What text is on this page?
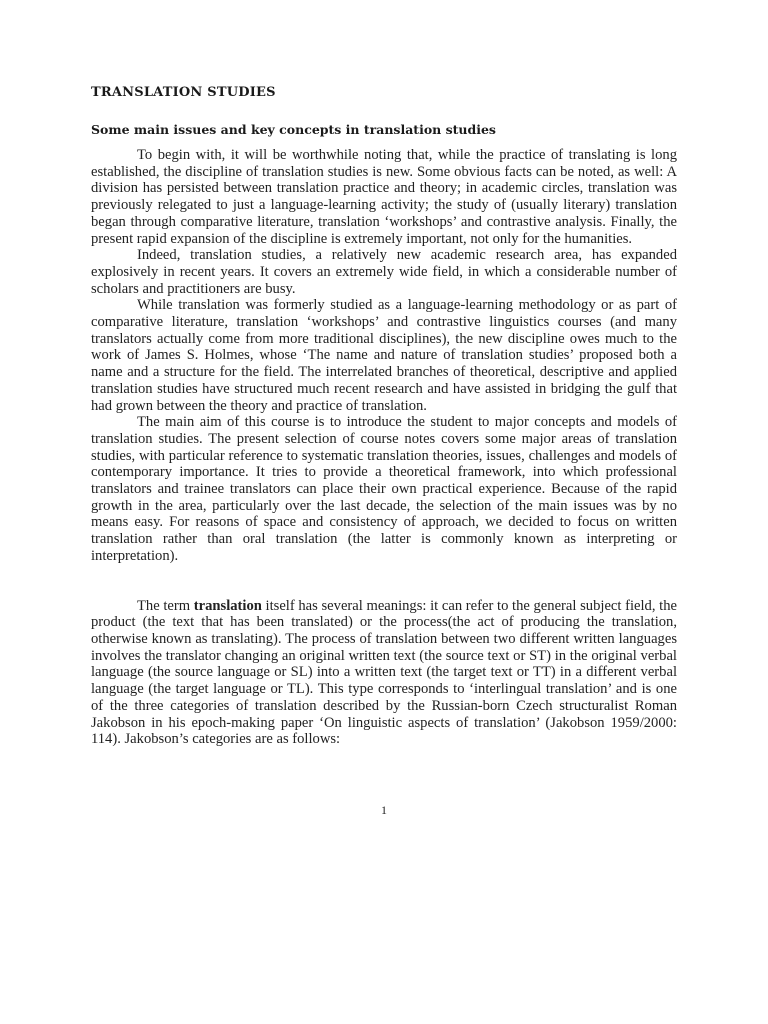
TRANSLATION STUDIES
Some main issues and key concepts in translation studies

To begin with, it will be worthwhile noting that, while the practice of translating is long established, the discipline of translation studies is new. Some obvious facts can be noted, as well: A division has persisted between translation practice and theory; in academic circles, translation was previously relegated to just a language-learning activity; the study of (usually literary) translation began through comparative literature, translation ‘workshops’ and contrastive analysis. Finally, the present rapid expansion of the discipline is extremely important, not only for the humanities.

Indeed, translation studies, a relatively new academic research area, has expanded explosively in recent years. It covers an extremely wide field, in which a considerable number of scholars and practitioners are busy.

While translation was formerly studied as a language-learning methodology or as part of comparative literature, translation ‘workshops’ and contrastive linguistics courses (and many translators actually come from more traditional disciplines), the new discipline owes much to the work of James S. Holmes, whose ‘The name and nature of translation studies’ proposed both a name and a structure for the field. The interrelated branches of theoretical, descriptive and applied translation studies have structured much recent research and have assisted in bridging the gulf that had grown between the theory and practice of translation.

The main aim of this course is to introduce the student to major concepts and models of translation studies. The present selection of course notes covers some major areas of translation studies, with particular reference to systematic translation theories, issues, challenges and models of contemporary importance. It tries to provide a theoretical framework, into which professional translators and trainee translators can place their own practical experience. Because of the rapid growth in the area, particularly over the last decade, the selection of the main issues was by no means easy. For reasons of space and consistency of approach, we decided to focus on written translation rather than oral translation (the latter is commonly known as interpreting or interpretation).

The term translation itself has several meanings: it can refer to the general subject field, the product (the text that has been translated) or the process(the act of producing the translation, otherwise known as translating). The process of translation between two different written languages involves the translator changing an original written text (the source text or ST) in the original verbal language (the source language or SL) into a written text (the target text or TT) in a different verbal language (the target language or TL). This type corresponds to ‘interlingual translation’ and is one of the three categories of translation described by the Russian-born Czech structuralist Roman Jakobson in his epoch-making paper ‘On linguistic aspects of translation’ (Jakobson 1959/2000: 114). Jakobson’s categories are as follows:

1
